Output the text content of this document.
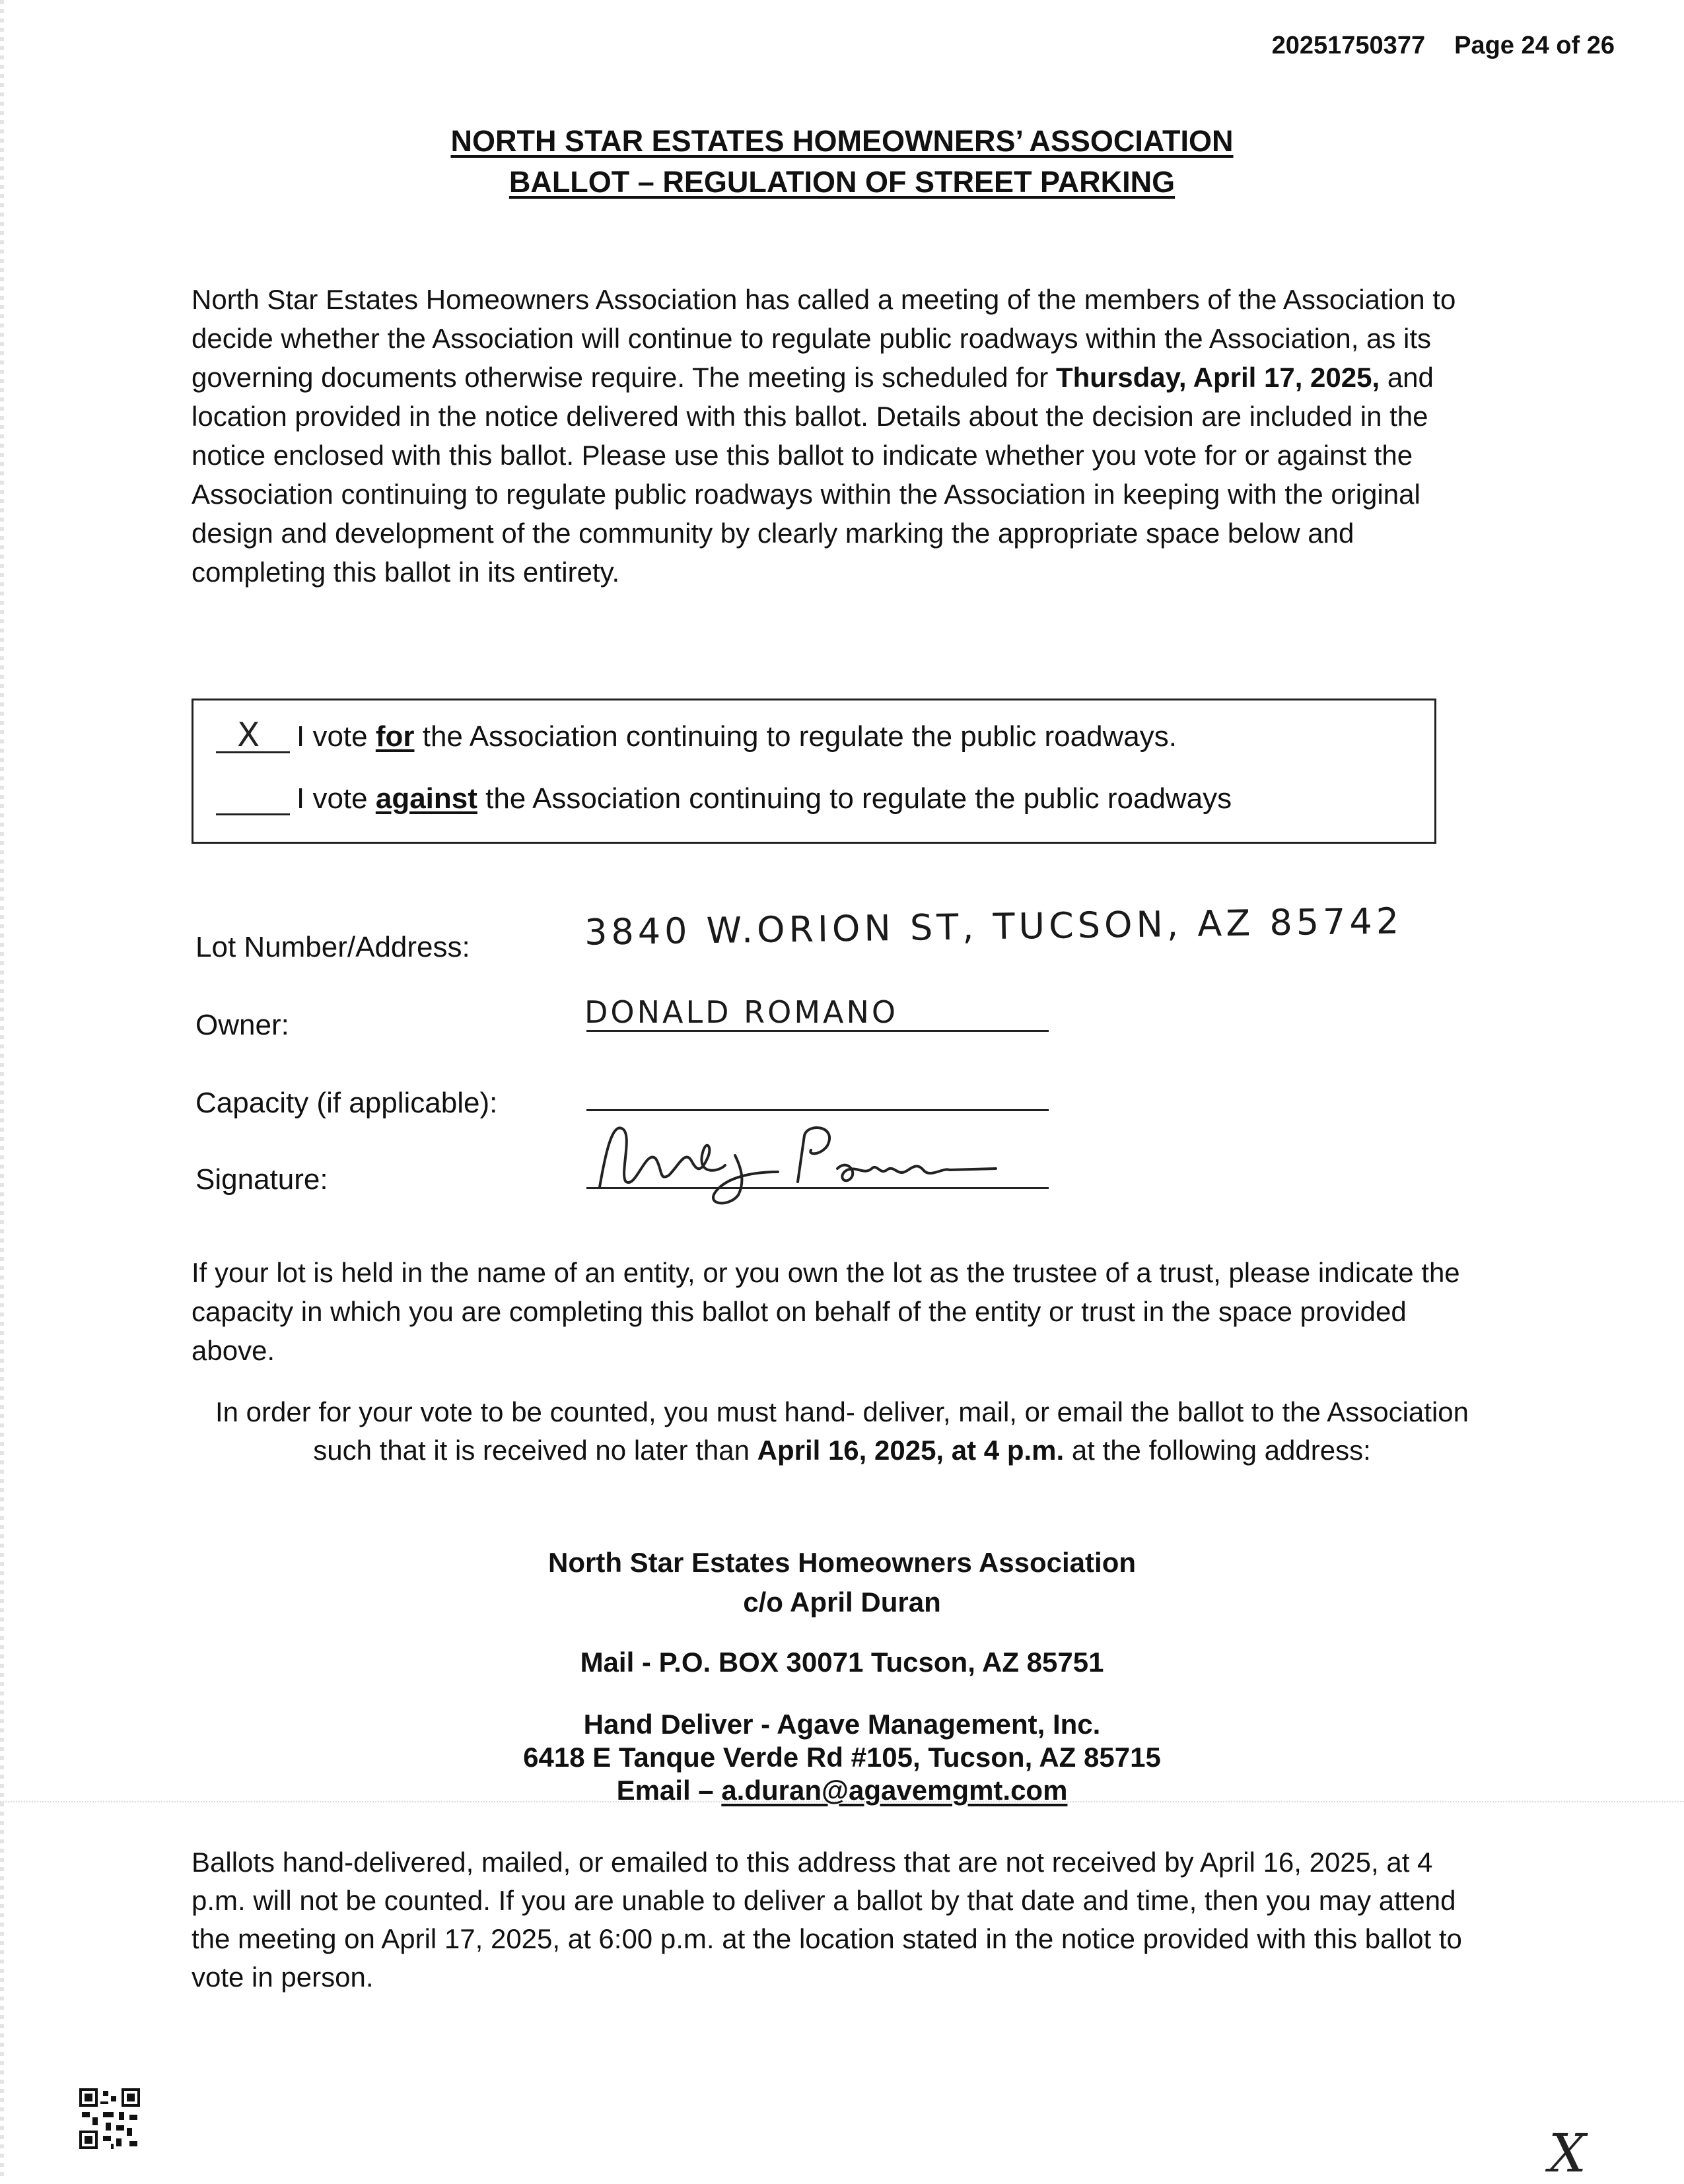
20251750377 Page 24 of 26
NORTH STAR ESTATES HOMEOWNERS’ ASSOCIATION
BALLOT – REGULATION OF STREET PARKING

North Star Estates Homeowners Association has called a meeting of the members of the Association to decide whether the Association will continue to regulate public roadways within the Association, as its governing documents otherwise require. The meeting is scheduled for Thursday, April 17, 2025, and location provided in the notice delivered with this ballot. Details about the decision are included in the notice enclosed with this ballot. Please use this ballot to indicate whether you vote for or against the Association continuing to regulate public roadways within the Association in keeping with the original design and development of the community by clearly marking the appropriate space below and completing this ballot in its entirety.

X I vote for the Association continuing to regulate the public roadways.
I vote against the Association continuing to regulate the public roadways
Lot Number/Address:	3840 W.ORION ST, TUCSON, AZ 85742
Owner:	DONALD ROMANO
Capacity (if applicable):
Signature:

If your lot is held in the name of an entity, or you own the lot as the trustee of a trust, please indicate the capacity in which you are completing this ballot on behalf of the entity or trust in the space provided above.

In order for your vote to be counted, you must hand- deliver, mail, or email the ballot to the Association such that it is received no later than April 16, 2025, at 4 p.m. at the following address:

North Star Estates Homeowners Association
c/o April Duran
Mail - P.O. BOX 30071 Tucson, AZ 85751
Hand Deliver - Agave Management, Inc.
6418 E Tanque Verde Rd #105, Tucson, AZ 85715
Email – a.duran@agavemgmt.com

Ballots hand-delivered, mailed, or emailed to this address that are not received by April 16, 2025, at 4 p.m. will not be counted. If you are unable to deliver a ballot by that date and time, then you may attend the meeting on April 17, 2025, at 6:00 p.m. at the location stated in the notice provided with this ballot to vote in person.

X
